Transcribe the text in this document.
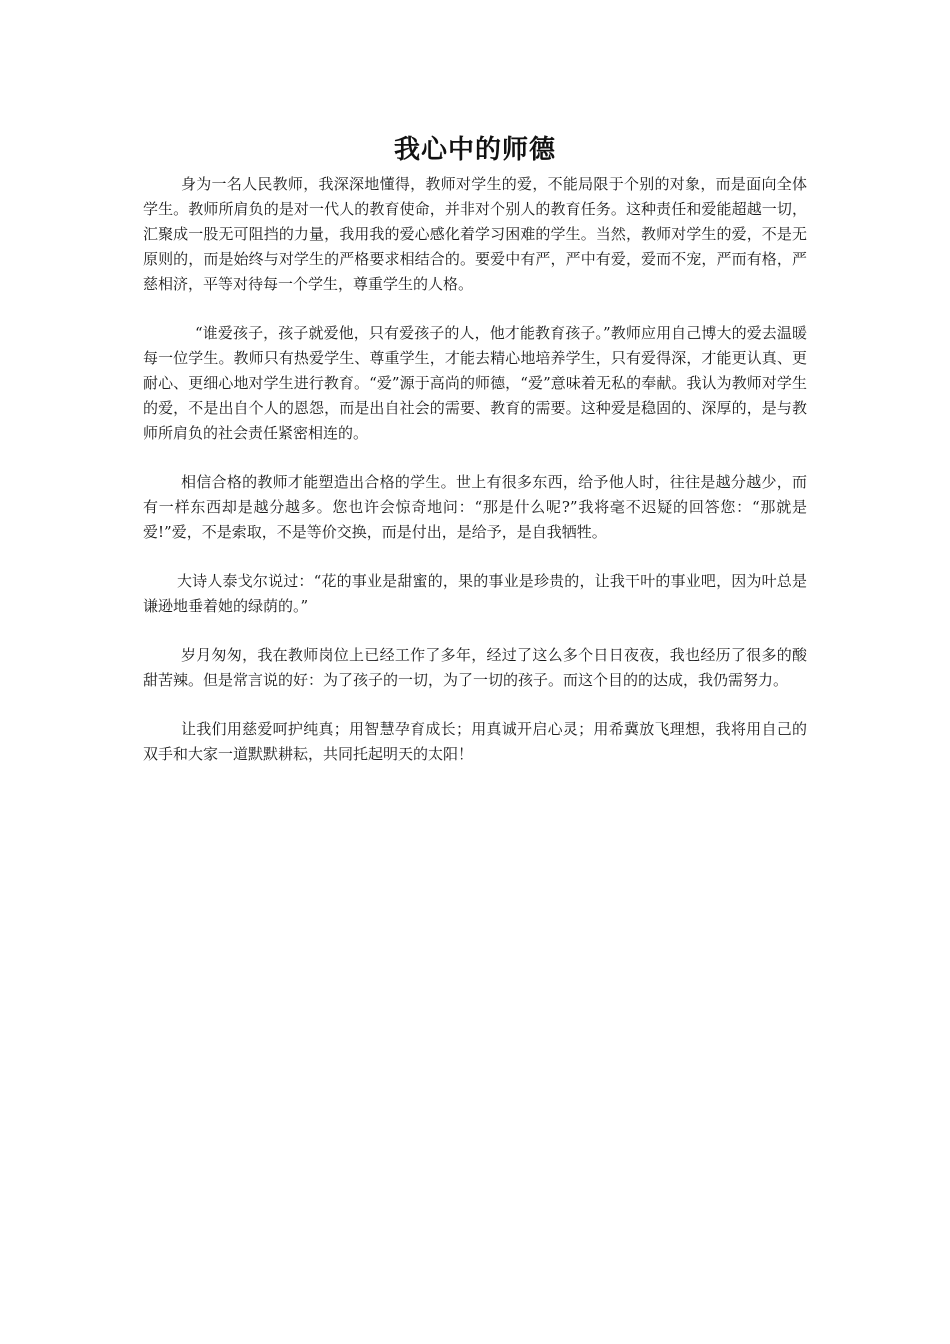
我心中的师德

身为一名人民教师，我深深地懂得，教师对学生的爱，不能局限于个别的对象，而是面向全体学生。教师所肩负的是对一代人的教育使命，并非对个别人的教育任务。这种责任和爱能超越一切，汇聚成一股无可阻挡的力量，我用我的爱心感化着学习困难的学生。当然，教师对学生的爱，不是无原则的，而是始终与对学生的严格要求相结合的。要爱中有严，严中有爱，爱而不宠，严而有格，严慈相济，平等对待每一个学生，尊重学生的人格。

“谁爱孩子，孩子就爱他，只有爱孩子的人，他才能教育孩子。”教师应用自己博大的爱去温暖每一位学生。教师只有热爱学生、尊重学生，才能去精心地培养学生，只有爱得深，才能更认真、更耐心、更细心地对学生进行教育。“爱”源于高尚的师德，“爱”意味着无私的奉献。我认为教师对学生的爱，不是出自个人的恩怨，而是出自社会的需要、教育的需要。这种爱是稳固的、深厚的，是与教师所肩负的社会责任紧密相连的。

相信合格的教师才能塑造出合格的学生。世上有很多东西，给予他人时，往往是越分越少，而有一样东西却是越分越多。您也许会惊奇地问：“那是什么呢?”我将毫不迟疑的回答您：“那就是爱!”爱，不是索取，不是等价交换，而是付出，是给予，是自我牺牲。

大诗人泰戈尔说过：“花的事业是甜蜜的，果的事业是珍贵的，让我干叶的事业吧，因为叶总是谦逊地垂着她的绿荫的。”

岁月匆匆，我在教师岗位上已经工作了多年，经过了这么多个日日夜夜，我也经历了很多的酸甜苦辣。但是常言说的好：为了孩子的一切，为了一切的孩子。而这个目的的达成，我仍需努力。

让我们用慈爱呵护纯真；用智慧孕育成长；用真诚开启心灵；用希冀放飞理想，我将用自己的双手和大家一道默默耕耘，共同托起明天的太阳！
